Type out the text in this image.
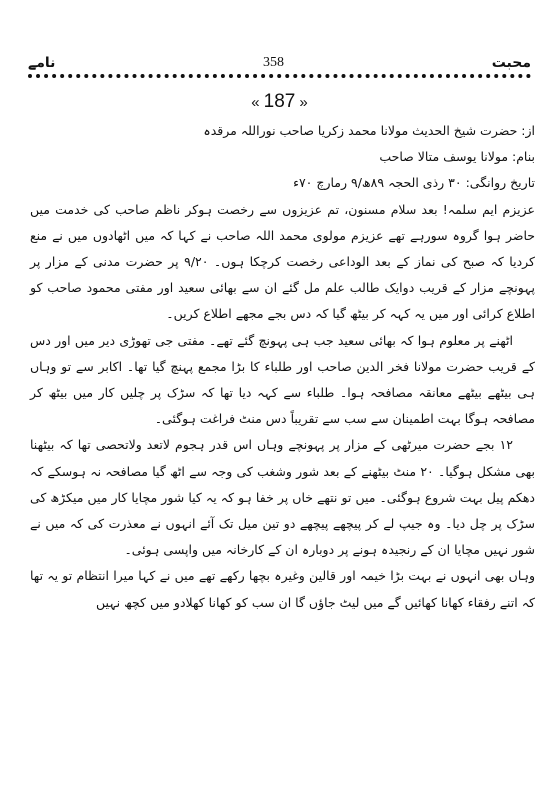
نامے	358	محبت
« 187 »

از: حضرت شیخ الحدیث مولانا محمد زکریا صاحب نوراللہ مرقدہ

بنام: مولانا یوسف متالا صاحب

تاریخ روانگی: ۳۰ رذی الحجہ ۸۹ھ/۹ رمارچ ۷۰ء

عزیزم ایم سلمہ! بعد سلام مسنون، تم عزیزوں سے رخصت ہوکر ناظم صاحب کی خدمت میں حاضر ہوا گروہ سورہے تھے عزیزم مولوی محمد اللہ صاحب نے کہا کہ میں اٹھادوں میں نے منع کردیا کہ صبح کی نماز کے بعد الوداعی رخصت کرچکا ہوں۔ ۹/۲۰ پر حضرت مدنی کے مزار پر پہونچے مزار کے قریب دوایک طالب علم مل گئے ان سے بھائی سعید اور مفتی محمود صاحب کو اطلاع کرائی اور میں یہ کہہ کر بیٹھ گیا کہ دس بجے مجھے اطلاع کریں۔

اٹھنے پر معلوم ہوا کہ بھائی سعید جب ہی پہونچ گئے تھے۔ مفتی جی تھوڑی دیر میں اور دس کے قریب حضرت مولانا فخر الدین صاحب اور طلباء کا بڑا مجمع پہنچ گیا تھا۔ اکابر سے تو وہاں ہی بیٹھے بیٹھے معانقہ مصافحہ ہوا۔ طلباء سے کہہ دیا تھا کہ سڑک پر چلیں کار میں بیٹھ کر مصافحہ ہوگا بہت اطمینان سے سب سے تقریباً دس منٹ فراغت ہوگئی۔

۱۲ بجے حضرت میرٹھی کے مزار پر پہونچے وہاں اس قدر ہجوم لاتعد ولاتحصی تھا کہ بیٹھنا بھی مشکل ہوگیا۔ ۲۰ منٹ بیٹھنے کے بعد شور وشغب کی وجہ سے اٹھ گیا مصافحہ نہ ہوسکے کہ دھکم پیل بہت شروع ہوگئی۔ میں تو نتھے خاں پر خفا ہو کہ یہ کیا شور مچایا کار میں میکڑھ کی سڑک پر چل دیا۔ وہ جیپ لے کر پیچھے پیچھے دو تین میل تک آئے انہوں نے معذرت کی کہ میں نے شور نہیں مچایا ان کے رنجیدہ ہونے پر دوبارہ ان کے کارخانہ میں واپسی ہوئی۔

وہاں بھی انہوں نے بہت بڑا خیمہ اور قالین وغیرہ بچھا رکھے تھے میں نے کہا میرا انتظام تو یہ تھا کہ اتنے رفقاء کھانا کھائیں گے میں لیٹ جاؤں گا ان سب کو کھانا کھلادو میں کچھ نہیں
